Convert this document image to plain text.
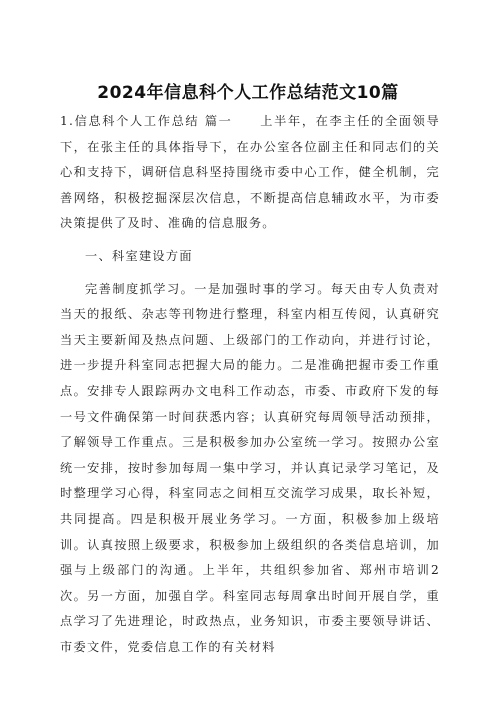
2024年信息科个人工作总结范文10篇

1.信息科个人工作总结 篇一　　上半年，在李主任的全面领导下，在张主任的具体指导下，在办公室各位副主任和同志们的关心和支持下，调研信息科坚持围绕市委中心工作，健全机制，完善网络，积极挖掘深层次信息，不断提高信息辅政水平，为市委决策提供了及时、准确的信息服务。

一、科室建设方面

完善制度抓学习。一是加强时事的学习。每天由专人负责对当天的报纸、杂志等刊物进行整理，科室内相互传阅，认真研究当天主要新闻及热点问题、上级部门的工作动向，并进行讨论，进一步提升科室同志把握大局的能力。二是准确把握市委工作重点。安排专人跟踪两办文电科工作动态，市委、市政府下发的每一号文件确保第一时间获悉内容；认真研究每周领导活动预排，了解领导工作重点。三是积极参加办公室统一学习。按照办公室统一安排，按时参加每周一集中学习，并认真记录学习笔记，及时整理学习心得，科室同志之间相互交流学习成果，取长补短，共同提高。四是积极开展业务学习。一方面，积极参加上级培训。认真按照上级要求，积极参加上级组织的各类信息培训，加强与上级部门的沟通。上半年，共组织参加省、郑州市培训2次。另一方面，加强自学。科室同志每周拿出时间开展自学，重点学习了先进理论，时政热点，业务知识，市委主要领导讲话、市委文件，党委信息工作的有关材料
